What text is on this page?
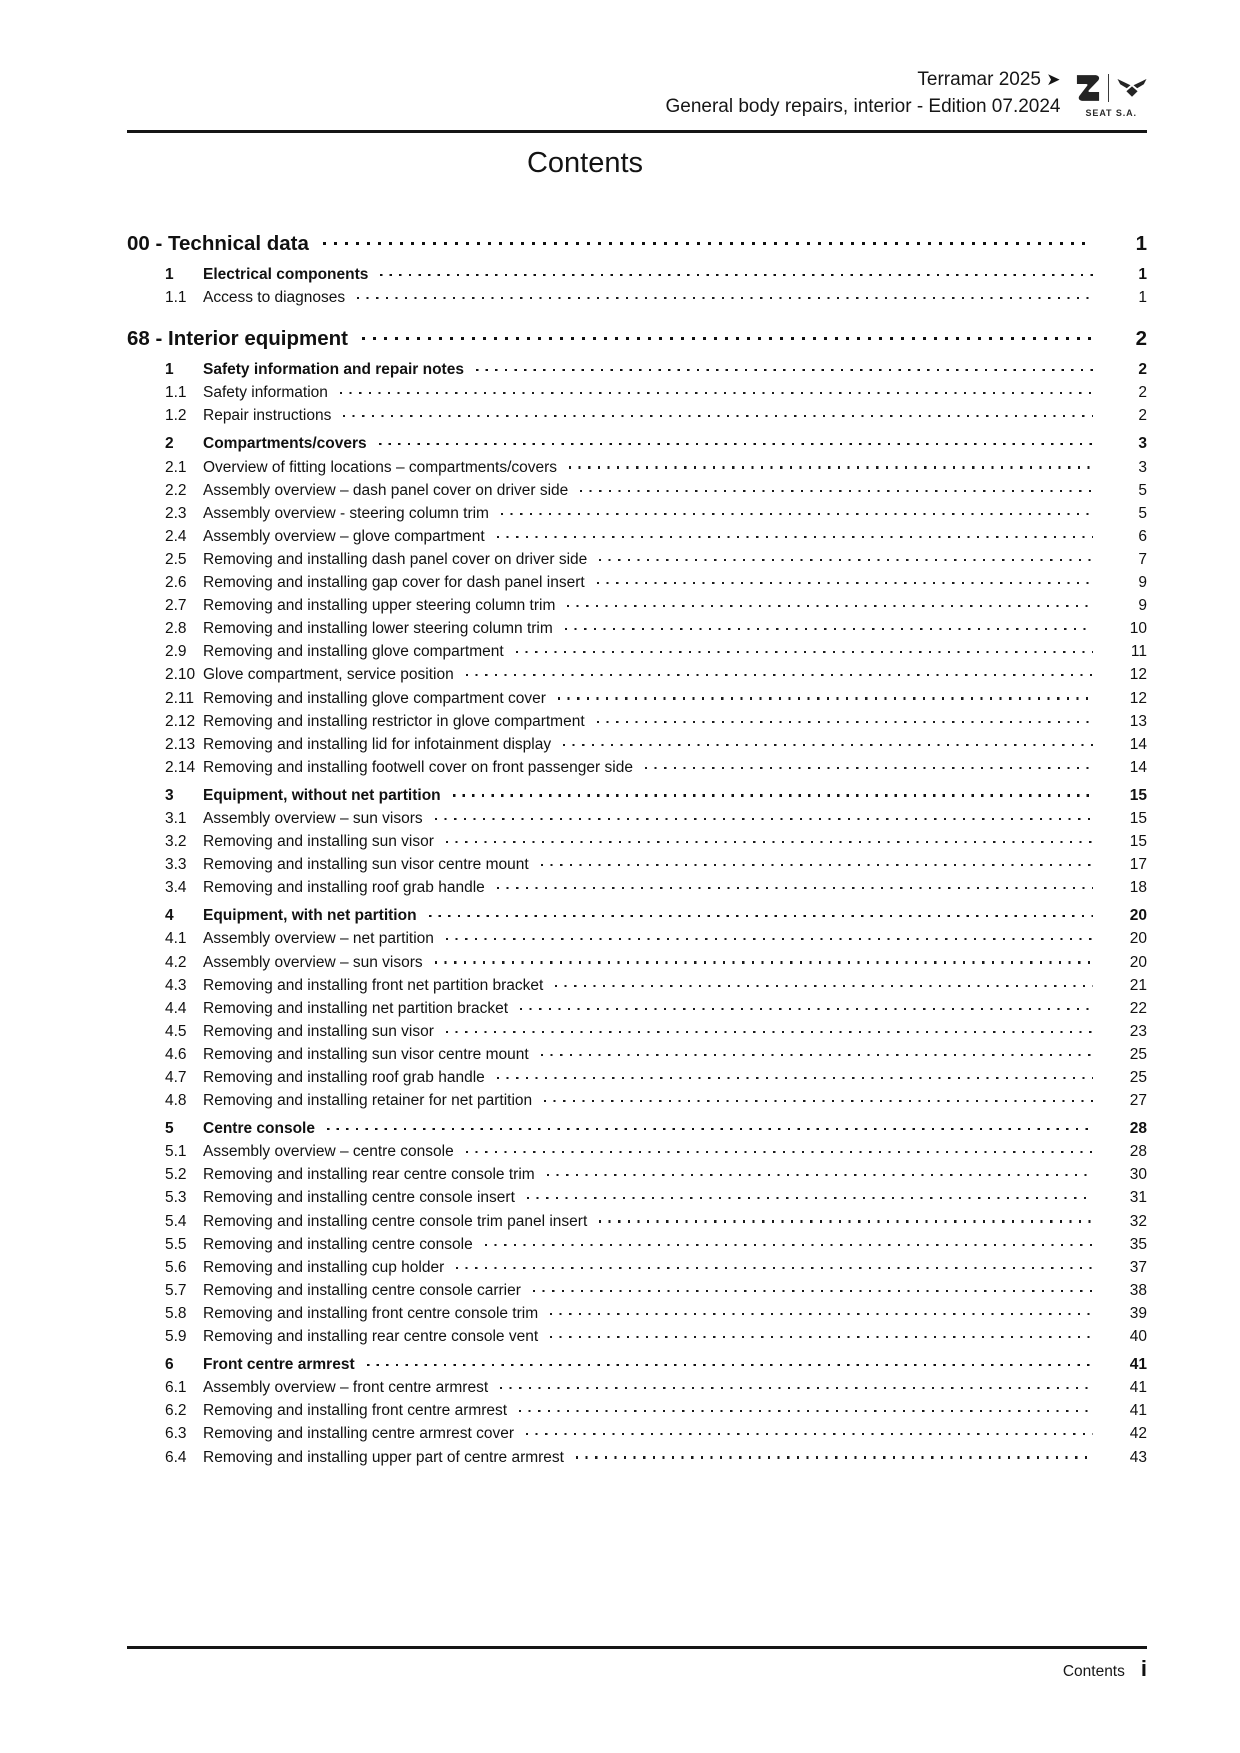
Terramar 2025 ➤
General body repairs, interior - Edition 07.2024	SEAT S.A.
Contents
00 - Technical data	1
1	Electrical components	1
1.1	Access to diagnoses	1
68 - Interior equipment	2
1	Safety information and repair notes	2
1.1	Safety information	2
1.2	Repair instructions	2
2	Compartments/covers	3
2.1	Overview of fitting locations – compartments/covers	3
2.2	Assembly overview – dash panel cover on driver side	5
2.3	Assembly overview - steering column trim	5
2.4	Assembly overview – glove compartment	6
2.5	Removing and installing dash panel cover on driver side	7
2.6	Removing and installing gap cover for dash panel insert	9
2.7	Removing and installing upper steering column trim	9
2.8	Removing and installing lower steering column trim	10
2.9	Removing and installing glove compartment	11
2.10 Glove compartment, service position	12
2.11 Removing and installing glove compartment cover	12
2.12 Removing and installing restrictor in glove compartment	13
2.13 Removing and installing lid for infotainment display	14
2.14 Removing and installing footwell cover on front passenger side	14
3	Equipment, without net partition	15
3.1	Assembly overview – sun visors	15
3.2	Removing and installing sun visor	15
3.3	Removing and installing sun visor centre mount	17
3.4	Removing and installing roof grab handle	18
4	Equipment, with net partition	20
4.1	Assembly overview – net partition	20
4.2	Assembly overview – sun visors	20
4.3	Removing and installing front net partition bracket	21
4.4	Removing and installing net partition bracket	22
4.5	Removing and installing sun visor	23
4.6	Removing and installing sun visor centre mount	25
4.7	Removing and installing roof grab handle	25
4.8	Removing and installing retainer for net partition	27
5	Centre console	28
5.1	Assembly overview – centre console	28
5.2	Removing and installing rear centre console trim	30
5.3	Removing and installing centre console insert	31
5.4	Removing and installing centre console trim panel insert	32
5.5	Removing and installing centre console	35
5.6	Removing and installing cup holder	37
5.7	Removing and installing centre console carrier	38
5.8	Removing and installing front centre console trim	39
5.9	Removing and installing rear centre console vent	40
6	Front centre armrest	41
6.1	Assembly overview – front centre armrest	41
6.2	Removing and installing front centre armrest	41
6.3	Removing and installing centre armrest cover	42
6.4	Removing and installing upper part of centre armrest	43
Contents i
